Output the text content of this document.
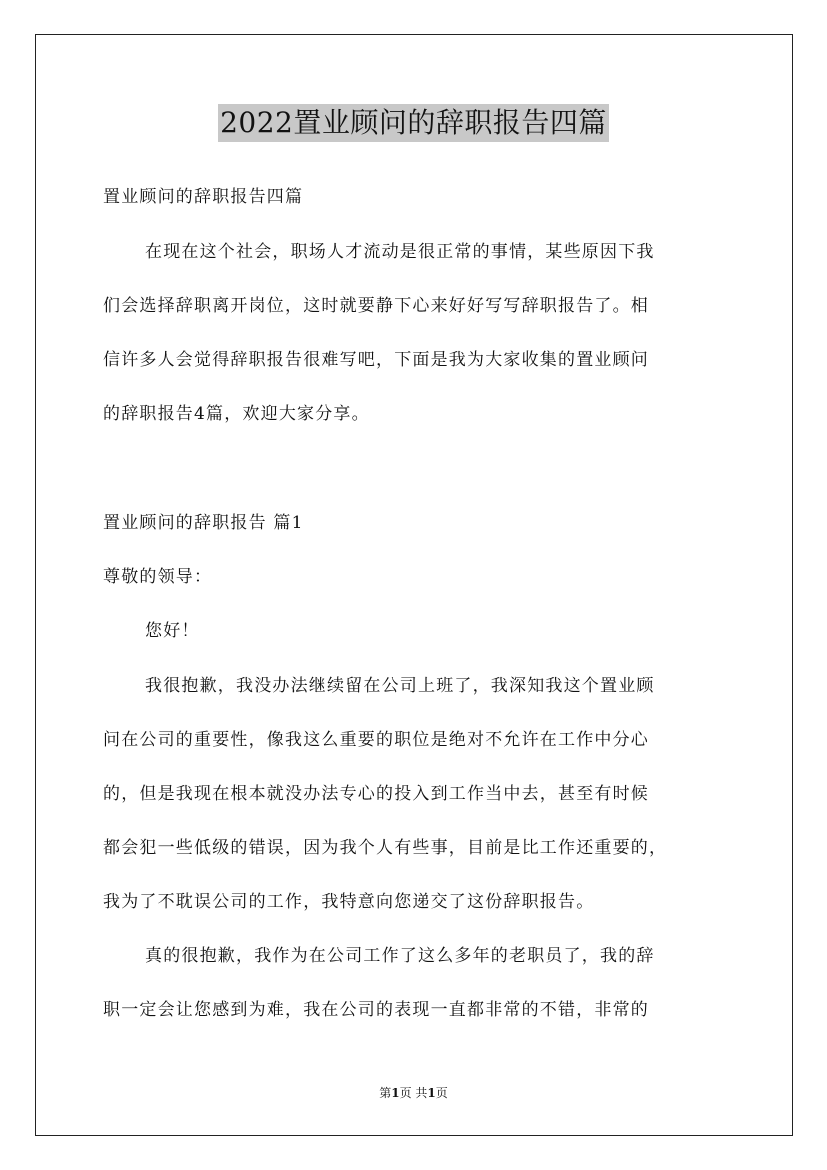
2022置业顾问的辞职报告四篇
置业顾问的辞职报告四篇
在现在这个社会，职场人才流动是很正常的事情，某些原因下我
们会选择辞职离开岗位，这时就要静下心来好好写写辞职报告了。相
信许多人会觉得辞职报告很难写吧，下面是我为大家收集的置业顾问
的辞职报告4篇，欢迎大家分享。
置业顾问的辞职报告 篇1
尊敬的领导：
您好！
我很抱歉，我没办法继续留在公司上班了，我深知我这个置业顾
问在公司的重要性，像我这么重要的职位是绝对不允许在工作中分心
的，但是我现在根本就没办法专心的投入到工作当中去，甚至有时候
都会犯一些低级的错误，因为我个人有些事，目前是比工作还重要的，
我为了不耽误公司的工作，我特意向您递交了这份辞职报告。
真的很抱歉，我作为在公司工作了这么多年的老职员了，我的辞
职一定会让您感到为难，我在公司的表现一直都非常的不错，非常的
第1页 共1页
